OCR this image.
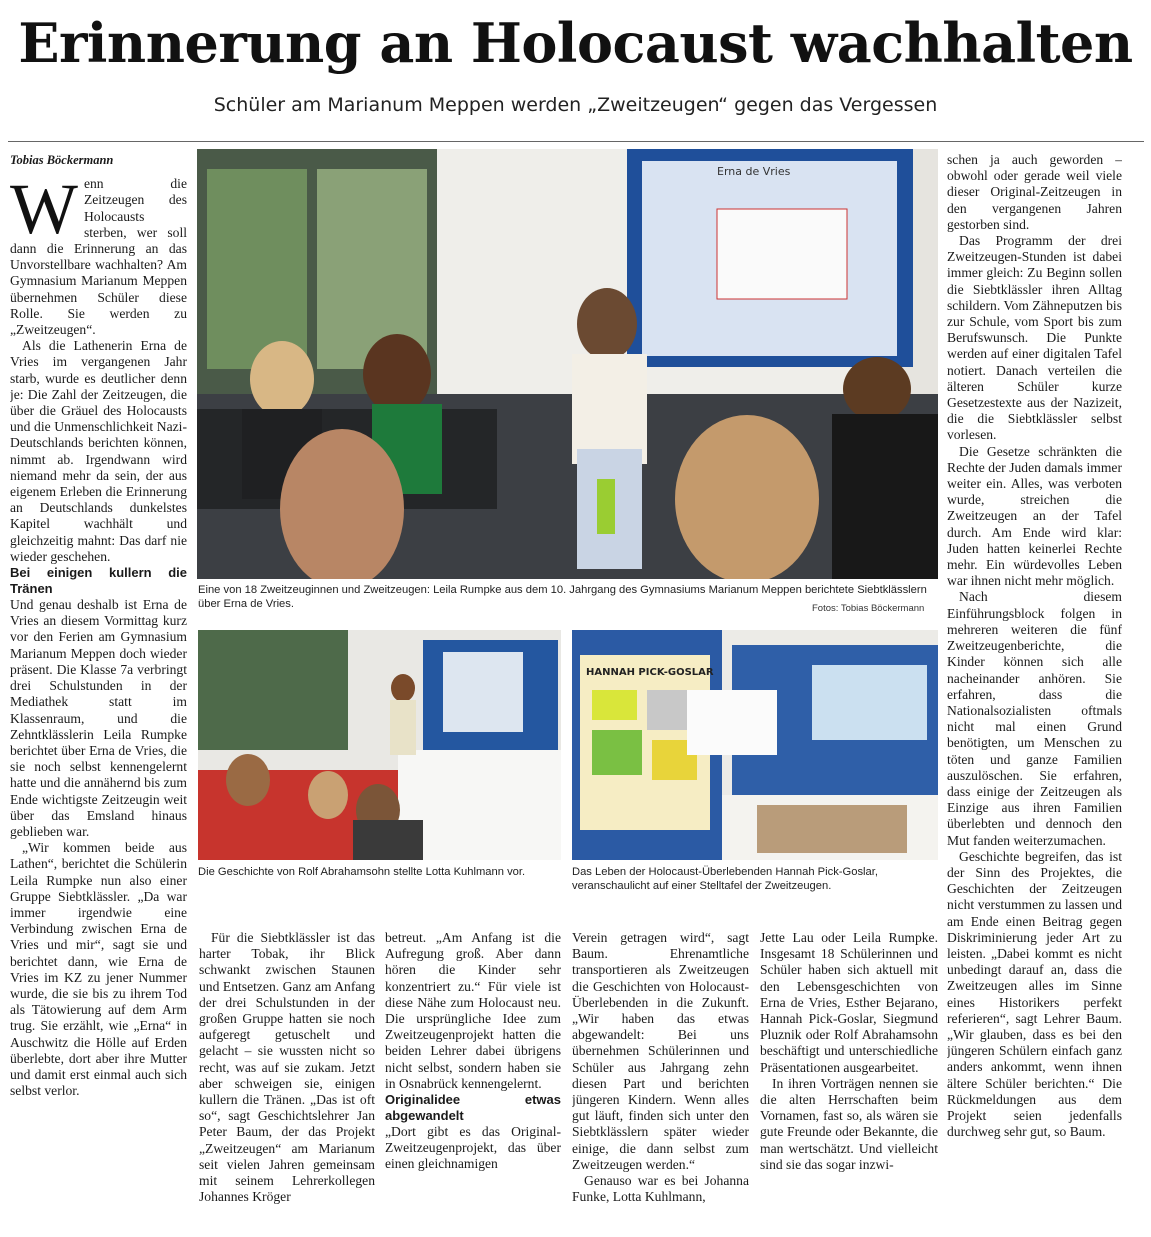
Erinnerung an Holocaust wachhalten

Schüler am Marianum Meppen werden „Zweitzeugen“ gegen das Vergessen

Tobias Böckermann

Wenn die Zeitzeugen des Holocausts sterben, wer soll dann die Erinnerung an das Unvorstellbare wachhalten? Am Gymnasium Marianum Meppen übernehmen Schüler diese Rolle. Sie werden zu „Zweitzeugen“.

Als die Lathenerin Erna de Vries im vergangenen Jahr starb, wurde es deutlicher denn je: Die Zahl der Zeitzeugen, die über die Gräuel des Holocausts und die Unmenschlichkeit Nazi-Deutschlands berichten können, nimmt ab. Irgendwann wird niemand mehr da sein, der aus eigenem Erleben die Erinnerung an Deutschlands dunkelstes Kapitel wachhält und gleichzeitig mahnt: Das darf nie wieder geschehen.

Bei einigen kullern die Tränen

Und genau deshalb ist Erna de Vries an diesem Vormittag kurz vor den Ferien am Gymnasium Marianum Meppen doch wieder präsent. Die Klasse 7a verbringt drei Schulstunden in der Mediathek statt im Klassenraum, und die Zehntklässlerin Leila Rumpke berichtet über Erna de Vries, die sie noch selbst kennengelernt hatte und die annähernd bis zum Ende wichtigste Zeitzeugin weit über das Emsland hinaus geblieben war.

„Wir kommen beide aus Lathen“, berichtet die Schülerin Leila Rumpke nun also einer Gruppe Siebtklässler. „Da war immer irgendwie eine Verbindung zwischen Erna de Vries und mir“, sagt sie und berichtet dann, wie Erna de Vries im KZ zu jener Nummer wurde, die sie bis zu ihrem Tod als Tätowierung auf dem Arm trug. Sie erzählt, wie „Erna“ in Auschwitz die Hölle auf Erden überlebte, dort aber ihre Mutter und damit erst einmal auch sich selbst verlor.

Erna de Vries
Eine von 18 Zweitzeuginnen und Zweitzeugen: Leila Rumpke aus dem 10. Jahrgang des Gymnasiums Marianum Meppen berichtete Siebtklässlern über Erna de Vries.	Fotos: Tobias Böckermann
Die Geschichte von Rolf Abrahamsohn stellte Lotta Kuhlmann vor.
HANNAH PICK-GOSLAR
Das Leben der Holocaust-Überlebenden Hannah Pick-Goslar, veranschaulicht auf einer Stelltafel der Zweitzeugen.

Für die Siebtklässler ist das harter Tobak, ihr Blick schwankt zwischen Staunen und Entsetzen. Ganz am Anfang der drei Schulstunden in der großen Gruppe hatten sie noch aufgeregt getuschelt und gelacht – sie wussten nicht so recht, was auf sie zukam. Jetzt aber schweigen sie, einigen kullern die Tränen. „Das ist oft so“, sagt Geschichtslehrer Jan Peter Baum, der das Projekt „Zweitzeugen“ am Marianum seit vielen Jahren gemeinsam mit seinem Lehrerkollegen Johannes Kröger

betreut. „Am Anfang ist die Aufregung groß. Aber dann hören die Kinder sehr konzentriert zu.“ Für viele ist diese Nähe zum Holocaust neu. Die ursprüngliche Idee zum Zweitzeugenprojekt hatten die beiden Lehrer dabei übrigens nicht selbst, sondern haben sie in Osnabrück kennengelernt.

Originalidee etwas abgewandelt

„Dort gibt es das Original-Zweitzeugenprojekt, das über einen gleichnamigen

Verein getragen wird“, sagt Baum. Ehrenamtliche transportieren als Zweitzeugen die Geschichten von Holocaust-Überlebenden in die Zukunft. „Wir haben das etwas abgewandelt: Bei uns übernehmen Schülerinnen und Schüler aus Jahrgang zehn diesen Part und berichten jüngeren Kindern. Wenn alles gut läuft, finden sich unter den Siebtklässlern später wieder einige, die dann selbst zum Zweitzeugen werden.“

Genauso war es bei Johanna Funke, Lotta Kuhlmann,

Jette Lau oder Leila Rumpke. Insgesamt 18 Schülerinnen und Schüler haben sich aktuell mit den Lebensgeschichten von Erna de Vries, Esther Bejarano, Hannah Pick-Goslar, Siegmund Pluznik oder Rolf Abrahamsohn beschäftigt und unterschiedliche Präsentationen ausgearbeitet.

In ihren Vorträgen nennen sie die alten Herrschaften beim Vornamen, fast so, als wären sie gute Freunde oder Bekannte, die man wertschätzt. Und vielleicht sind sie das sogar inzwi-

schen ja auch geworden – obwohl oder gerade weil viele dieser Original-Zeitzeugen in den vergangenen Jahren gestorben sind.

Das Programm der drei Zweitzeugen-Stunden ist dabei immer gleich: Zu Beginn sollen die Siebtklässler ihren Alltag schildern. Vom Zähneputzen bis zur Schule, vom Sport bis zum Berufswunsch. Die Punkte werden auf einer digitalen Tafel notiert. Danach verteilen die älteren Schüler kurze Gesetzestexte aus der Nazizeit, die die Siebtklässler selbst vorlesen.

Die Gesetze schränkten die Rechte der Juden damals immer weiter ein. Alles, was verboten wurde, streichen die Zweitzeugen an der Tafel durch. Am Ende wird klar: Juden hatten keinerlei Rechte mehr. Ein würdevolles Leben war ihnen nicht mehr möglich.

Nach diesem Einführungsblock folgen in mehreren weiteren die fünf Zweitzeugenberichte, die Kinder können sich alle nacheinander anhören. Sie erfahren, dass die Nationalsozialisten oftmals nicht mal einen Grund benötigten, um Menschen zu töten und ganze Familien auszulöschen. Sie erfahren, dass einige der Zeitzeugen als Einzige aus ihren Familien überlebten und dennoch den Mut fanden weiterzumachen.

Geschichte begreifen, das ist der Sinn des Projektes, die Geschichten der Zeitzeugen nicht verstummen zu lassen und am Ende einen Beitrag gegen Diskriminierung jeder Art zu leisten. „Dabei kommt es nicht unbedingt darauf an, dass die Zweitzeugen alles im Sinne eines Historikers perfekt referieren“, sagt Lehrer Baum. „Wir glauben, dass es bei den jüngeren Schülern einfach ganz anders ankommt, wenn ihnen ältere Schüler berichten.“ Die Rückmeldungen aus dem Projekt seien jedenfalls durchweg sehr gut, so Baum.
